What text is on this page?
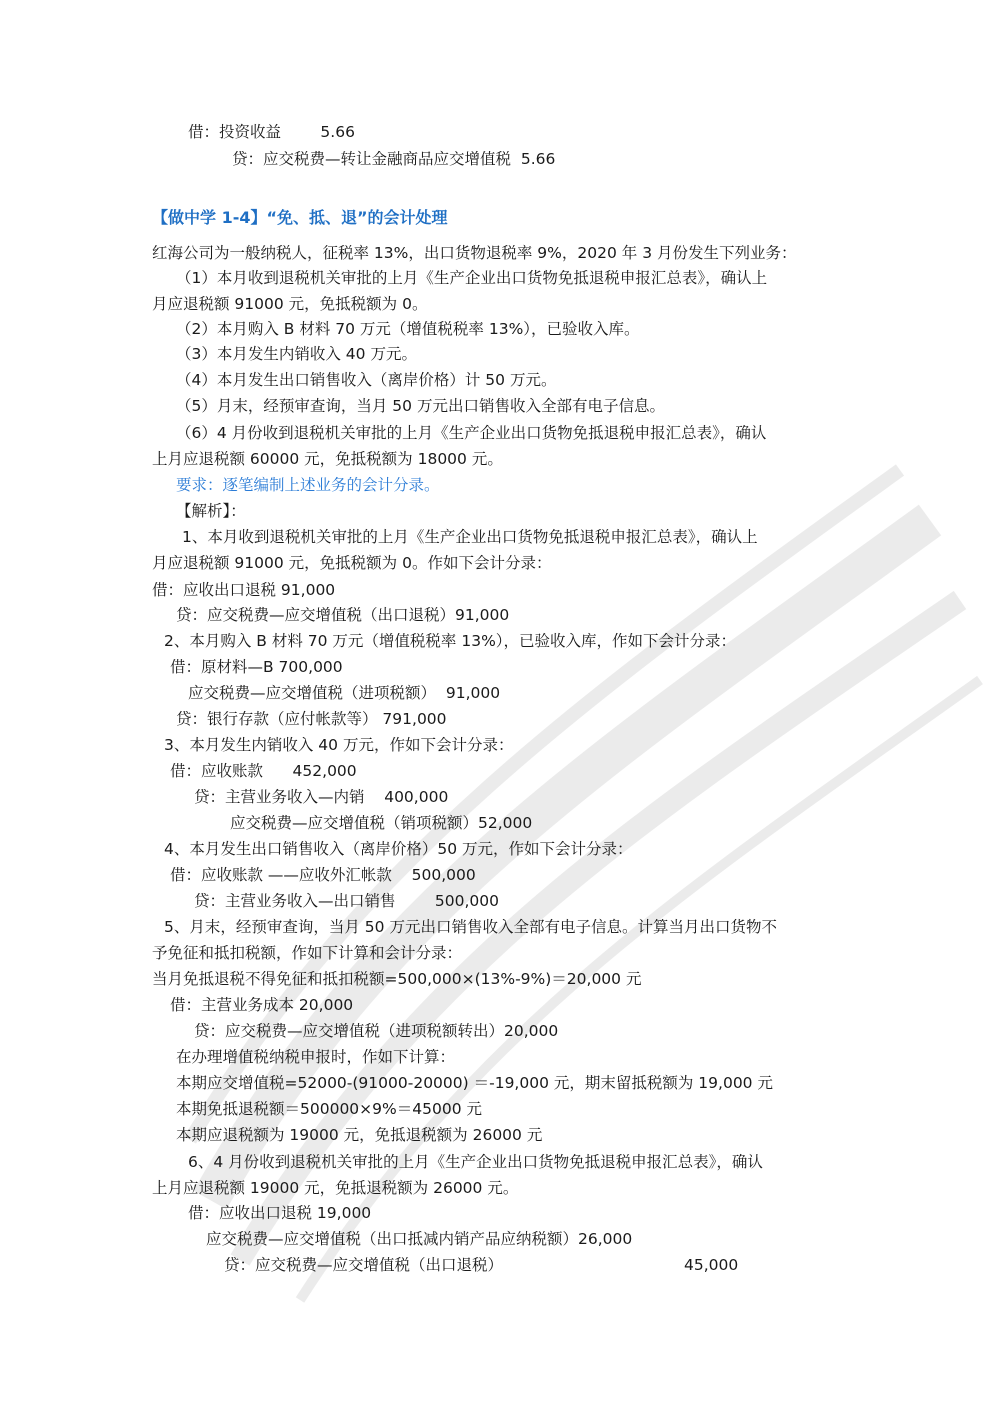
借：投资收益        5.66
贷：应交税费—转让金融商品应交增值税  5.66
【做中学 1-4】“免、抵、退”的会计处理
红海公司为一般纳税人，征税率 13%，出口货物退税率 9%，2020 年 3 月份发生下列业务：
（1）本月收到退税机关审批的上月《生产企业出口货物免抵退税申报汇总表》，确认上
月应退税额 91000 元，免抵税额为 0。
（2）本月购入 B 材料 70 万元（增值税税率 13%），已验收入库。
（3）本月发生内销收入 40 万元。
（4）本月发生出口销售收入（离岸价格）计 50 万元。
（5）月末，经预审查询，当月 50 万元出口销售收入全部有电子信息。
（6）4 月份收到退税机关审批的上月《生产企业出口货物免抵退税申报汇总表》，确认
上月应退税额 60000 元，免抵税额为 18000 元。
要求：逐笔编制上述业务的会计分录。
【解析】：
1、本月收到退税机关审批的上月《生产企业出口货物免抵退税申报汇总表》，确认上
月应退税额 91000 元，免抵税额为 0。作如下会计分录：
借：应收出口退税 91,000
贷：应交税费—应交增值税（出口退税）91,000
2、本月购入 B 材料 70 万元（增值税税率 13%），已验收入库，作如下会计分录：
借：原材料—B 700,000
应交税费—应交增值税（进项税额）  91,000
贷：银行存款（应付帐款等） 791,000
3、本月发生内销收入 40 万元，作如下会计分录：
借：应收账款      452,000
贷：主营业务收入—内销    400,000
应交税费—应交增值税（销项税额）52,000
4、本月发生出口销售收入（离岸价格）50 万元，作如下会计分录：
借：应收账款 ——应收外汇帐款    500,000
贷：主营业务收入—出口销售        500,000
5、月末，经预审查询，当月 50 万元出口销售收入全部有电子信息。计算当月出口货物不
予免征和抵扣税额，作如下计算和会计分录：
当月免抵退税不得免征和抵扣税额=500,000×(13%-9%)＝20,000 元
借：主营业务成本 20,000
贷：应交税费—应交增值税（进项税额转出）20,000
在办理增值税纳税申报时，作如下计算：
本期应交增值税=52000-(91000-20000) ＝-19,000 元，期末留抵税额为 19,000 元
本期免抵退税额＝500000×9%＝45000 元
本期应退税额为 19000 元，免抵退税额为 26000 元
6、4 月份收到退税机关审批的上月《生产企业出口货物免抵退税申报汇总表》，确认
上月应退税额 19000 元，免抵退税额为 26000 元。
借：应收出口退税 19,000
应交税费—应交增值税（出口抵减内销产品应纳税额）26,000
贷：应交税费—应交增值税（出口退税）	45,000
